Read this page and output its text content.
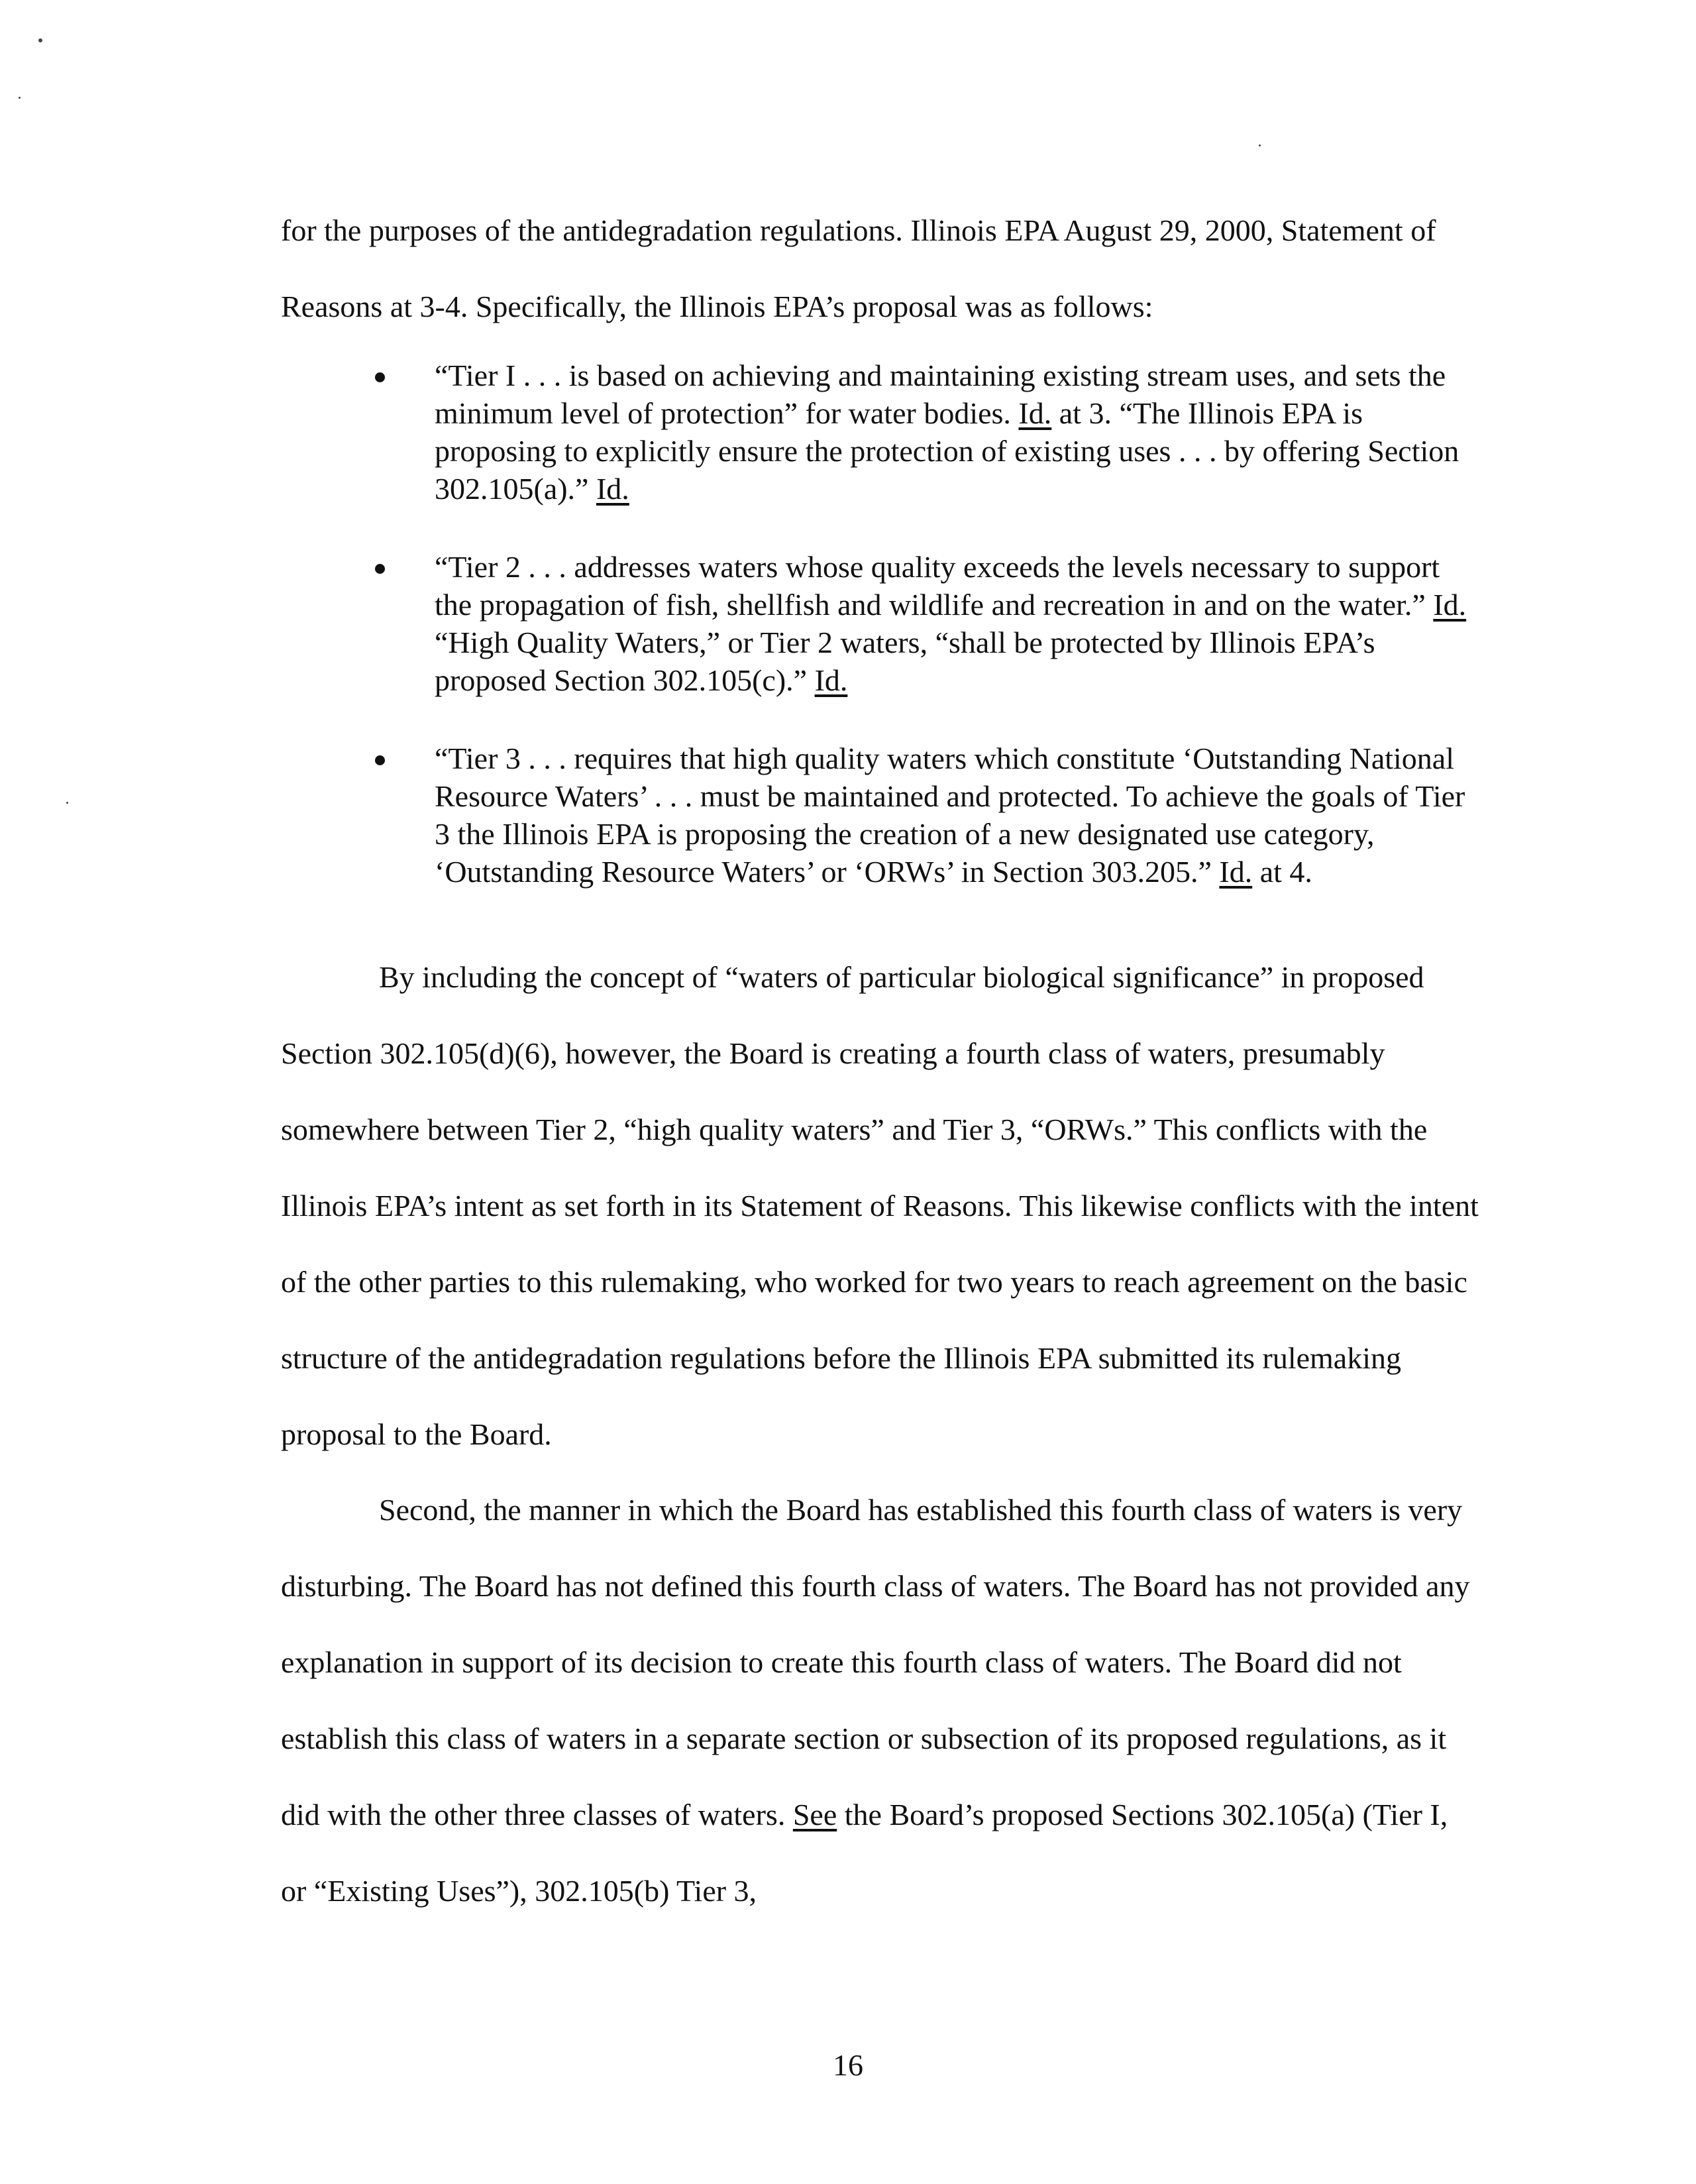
for the purposes of the antidegradation regulations. Illinois EPA August 29, 2000, Statement of Reasons at 3-4. Specifically, the Illinois EPA’s proposal was as follows:

“Tier I . . . is based on achieving and maintaining existing stream uses, and sets the minimum level of protection” for water bodies. Id. at 3. “The Illinois EPA is proposing to explicitly ensure the protection of existing uses . . . by offering Section 302.105(a).” Id.
“Tier 2 . . . addresses waters whose quality exceeds the levels necessary to support the propagation of fish, shellfish and wildlife and recreation in and on the water.” Id. “High Quality Waters,” or Tier 2 waters, “shall be protected by Illinois EPA’s proposed Section 302.105(c).” Id.
“Tier 3 . . . requires that high quality waters which constitute ‘Outstanding National Resource Waters’ . . . must be maintained and protected. To achieve the goals of Tier 3 the Illinois EPA is proposing the creation of a new designated use category, ‘Outstanding Resource Waters’ or ‘ORWs’ in Section 303.205.” Id. at 4.

By including the concept of “waters of particular biological significance” in proposed Section 302.105(d)(6), however, the Board is creating a fourth class of waters, presumably somewhere between Tier 2, “high quality waters” and Tier 3, “ORWs.” This conflicts with the Illinois EPA’s intent as set forth in its Statement of Reasons. This likewise conflicts with the intent of the other parties to this rulemaking, who worked for two years to reach agreement on the basic structure of the antidegradation regulations before the Illinois EPA submitted its rulemaking proposal to the Board.

Second, the manner in which the Board has established this fourth class of waters is very disturbing. The Board has not defined this fourth class of waters. The Board has not provided any explanation in support of its decision to create this fourth class of waters. The Board did not establish this class of waters in a separate section or subsection of its proposed regulations, as it did with the other three classes of waters. See the Board’s proposed Sections 302.105(a) (Tier I, or “Existing Uses”), 302.105(b) Tier 3,

16
